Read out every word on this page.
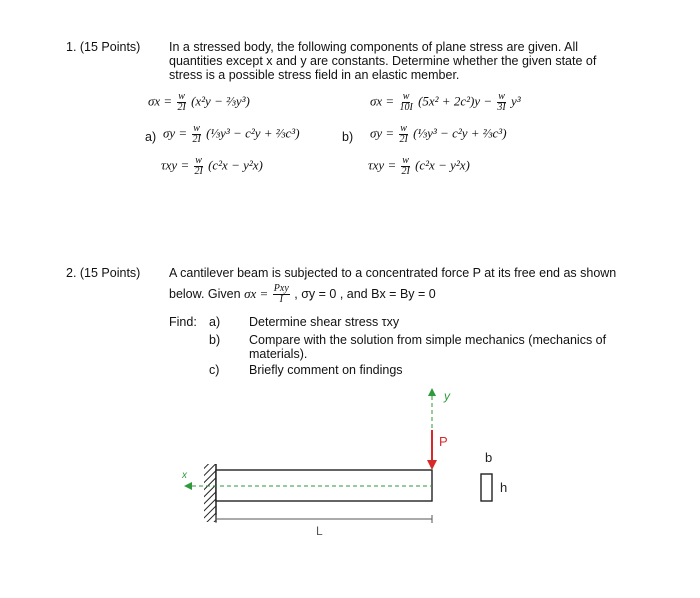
1. (15 Points) In a stressed body, the following components of plane stress are given. All
quantities except x and y are constants. Determine whether the given state of
stress is a possible stress field in an elastic member.
a)
$\sigma x = \frac{w}{2I} (x^2y$ − ⅔y³)
$\sigma y = \frac{w}{2I}$ (⅓y³ − c²y + ⅔c³)
$\tau xy = \frac{w}{2I} (c^2x - y^2x)$
b)
$\sigma x = \frac{w}{10I} (5x^2 + 2c^2)y - \frac{w}{3I} y^3$
$\sigma y = \frac{w}{2I}$ (⅓y³ − c²y + ⅔c³)
$\tau xy = \frac{w}{2I} (c^2x - y^2x)$
2. (15 Points) A cantilever beam is subjected to a concentrated force P at its free end as shown
below. Given $\sigma x = \frac{\text{Pxy}}{I}$ , σy = 0 , and Bx = By = 0
Find: a) Determine shear stress τxy
b) Compare with the solution from simple mechanics (mechanics of
materials).
c) Briefly comment on findings
x
y
P
L
b
h
